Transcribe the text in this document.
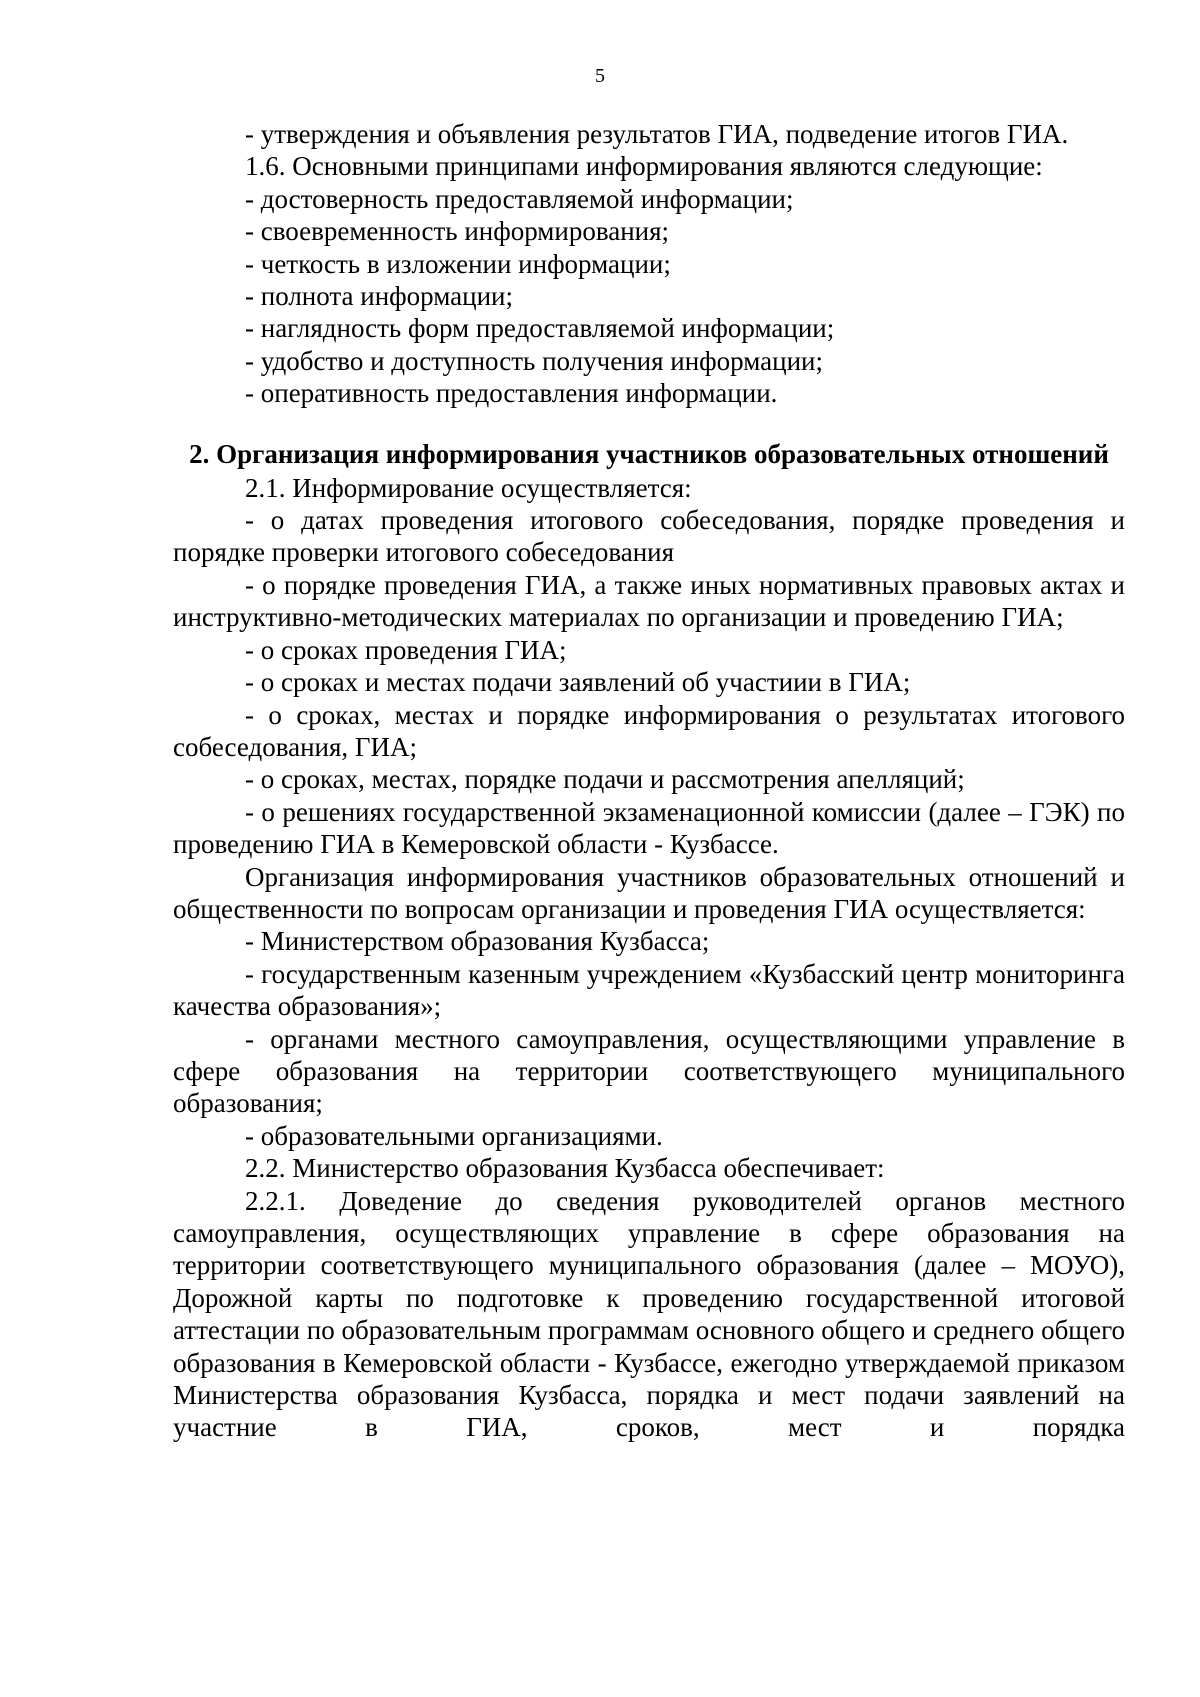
5

- утверждения и объявления результатов ГИА, подведение итогов ГИА.

1.6. Основными принципами информирования являются следующие:

- достоверность предоставляемой информации;

- своевременность информирования;

- четкость в изложении информации;

- полнота информации;

- наглядность форм предоставляемой информации;

- удобство и доступность получения информации;

- оперативность предоставления информации.

2. Организация информирования участников образовательных отношений

2.1. Информирование осуществляется:

- о датах проведения итогового собеседования, порядке проведения и порядке проверки итогового собеседования

- о порядке проведения ГИА, а также иных нормативных правовых актах и инструктивно-методических материалах по организации и проведению ГИА;

- о сроках проведения ГИА;

- о сроках и местах подачи заявлений об участиии в ГИА;

- о сроках, местах и порядке информирования о результатах итогового собеседования, ГИА;

- о сроках, местах, порядке подачи и рассмотрения апелляций;

- о решениях государственной экзаменационной комиссии (далее – ГЭК) по проведению ГИА в Кемеровской области - Кузбассе.

Организация информирования участников образовательных отношений и общественности по вопросам организации и проведения ГИА осуществляется:

- Министерством образования Кузбасса;

- государственным казенным учреждением «Кузбасский центр мониторинга качества образования»;

- органами местного самоуправления, осуществляющими управление в сфере образования на территории соответствующего муниципального образования;

- образовательными организациями.

2.2. Министерство образования Кузбасса обеспечивает:

2.2.1. Доведение до сведения руководителей органов местного самоуправления, осуществляющих управление в сфере образования на территории соответствующего муниципального образования (далее – МОУО), Дорожной карты по подготовке к проведению государственной итоговой аттестации по образовательным программам основного общего и среднего общего образования в Кемеровской области - Кузбассе, ежегодно утверждаемой приказом Министерства образования Кузбасса, порядка и мест подачи заявлений на участние в ГИА, сроков, мест и порядка
